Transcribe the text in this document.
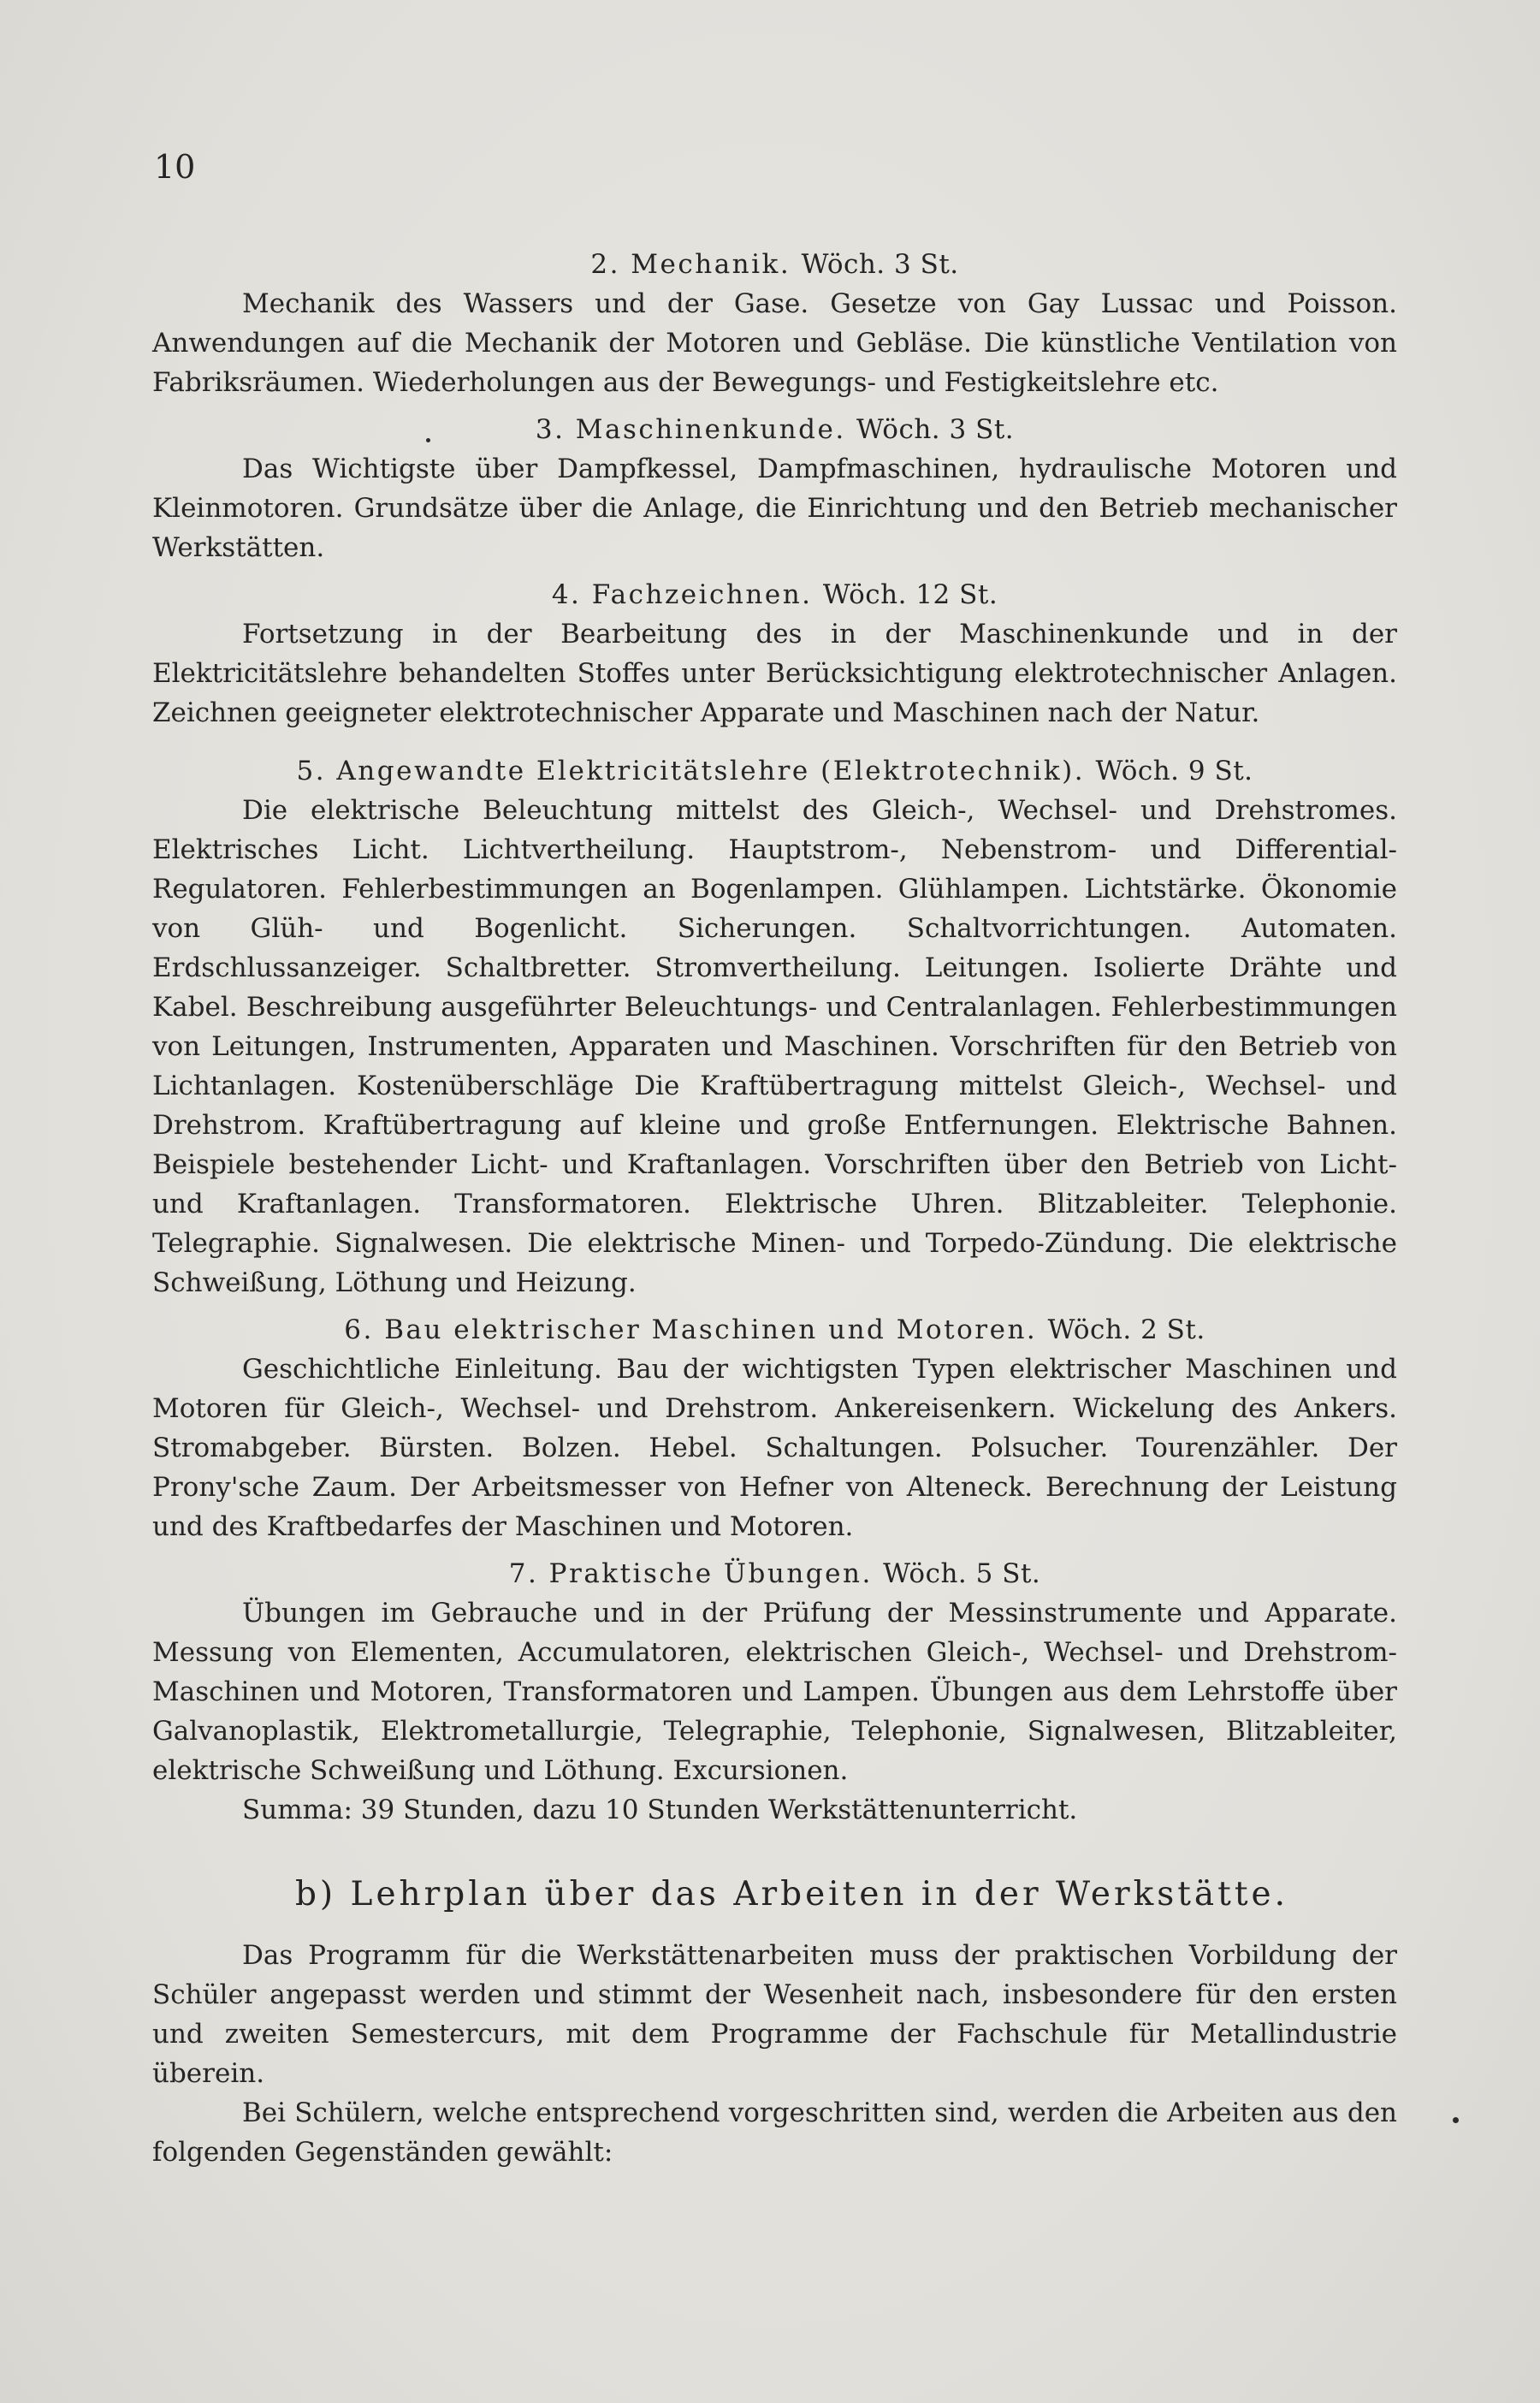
10

2. Mechanik. Wöch. 3 St.

Mechanik des Wassers und der Gase. Gesetze von Gay Lussac und Poisson. Anwendungen auf die Mechanik der Motoren und Gebläse. Die künstliche Ventilation von Fabriksräumen. Wiederholungen aus der Bewegungs- und Festigkeitslehre etc.

3. Maschinenkunde. Wöch. 3 St.

Das Wichtigste über Dampfkessel, Dampfmaschinen, hydraulische Motoren und Kleinmotoren. Grundsätze über die Anlage, die Einrichtung und den Betrieb mechanischer Werkstätten.

4. Fachzeichnen. Wöch. 12 St.

Fortsetzung in der Bearbeitung des in der Maschinenkunde und in der Elektricitätslehre behandelten Stoffes unter Berücksichtigung elektrotechnischer Anlagen. Zeichnen geeigneter elektrotechnischer Apparate und Maschinen nach der Natur.

5. Angewandte Elektricitätslehre (Elektrotechnik). Wöch. 9 St.

Die elektrische Beleuchtung mittelst des Gleich-, Wechsel- und Drehstromes. Elektrisches Licht. Lichtvertheilung. Hauptstrom-, Nebenstrom- und Differential-Regulatoren. Fehlerbestimmungen an Bogenlampen. Glühlampen. Lichtstärke. Ökonomie von Glüh- und Bogenlicht. Sicherungen. Schaltvorrichtungen. Automaten. Erdschlussanzeiger. Schaltbretter. Stromvertheilung. Leitungen. Isolierte Drähte und Kabel. Beschreibung ausgeführter Beleuchtungs- und Centralanlagen. Fehlerbestimmungen von Leitungen, Instrumenten, Apparaten und Maschinen. Vorschriften für den Betrieb von Lichtanlagen. Kostenüberschläge Die Kraftübertragung mittelst Gleich-, Wechsel- und Drehstrom. Kraftübertragung auf kleine und große Entfernungen. Elektrische Bahnen. Beispiele bestehender Licht- und Kraftanlagen. Vorschriften über den Betrieb von Licht- und Kraftanlagen. Transformatoren. Elektrische Uhren. Blitzableiter. Telephonie. Telegraphie. Signalwesen. Die elektrische Minen- und Torpedo-Zündung. Die elektrische Schweißung, Löthung und Heizung.

6. Bau elektrischer Maschinen und Motoren. Wöch. 2 St.

Geschichtliche Einleitung. Bau der wichtigsten Typen elektrischer Maschinen und Motoren für Gleich-, Wechsel- und Drehstrom. Ankereisenkern. Wickelung des Ankers. Stromabgeber. Bürsten. Bolzen. Hebel. Schaltungen. Polsucher. Tourenzähler. Der Prony'sche Zaum. Der Arbeitsmesser von Hefner von Alteneck. Berechnung der Leistung und des Kraftbedarfes der Maschinen und Motoren.

7. Praktische Übungen. Wöch. 5 St.

Übungen im Gebrauche und in der Prüfung der Messinstrumente und Apparate. Messung von Elementen, Accumulatoren, elektrischen Gleich-, Wechsel- und Drehstrom-Maschinen und Motoren, Transformatoren und Lampen. Übungen aus dem Lehrstoffe über Galvanoplastik, Elektrometallurgie, Telegraphie, Telephonie, Signalwesen, Blitzableiter, elektrische Schweißung und Löthung. Excursionen.

Summa: 39 Stunden, dazu 10 Stunden Werkstättenunterricht.

b) Lehrplan über das Arbeiten in der Werkstätte.

Das Programm für die Werkstättenarbeiten muss der praktischen Vorbildung der Schüler angepasst werden und stimmt der Wesenheit nach, insbesondere für den ersten und zweiten Semestercurs, mit dem Programme der Fachschule für Metallindustrie überein.

Bei Schülern, welche entsprechend vorgeschritten sind, werden die Arbeiten aus den folgenden Gegenständen gewählt:
